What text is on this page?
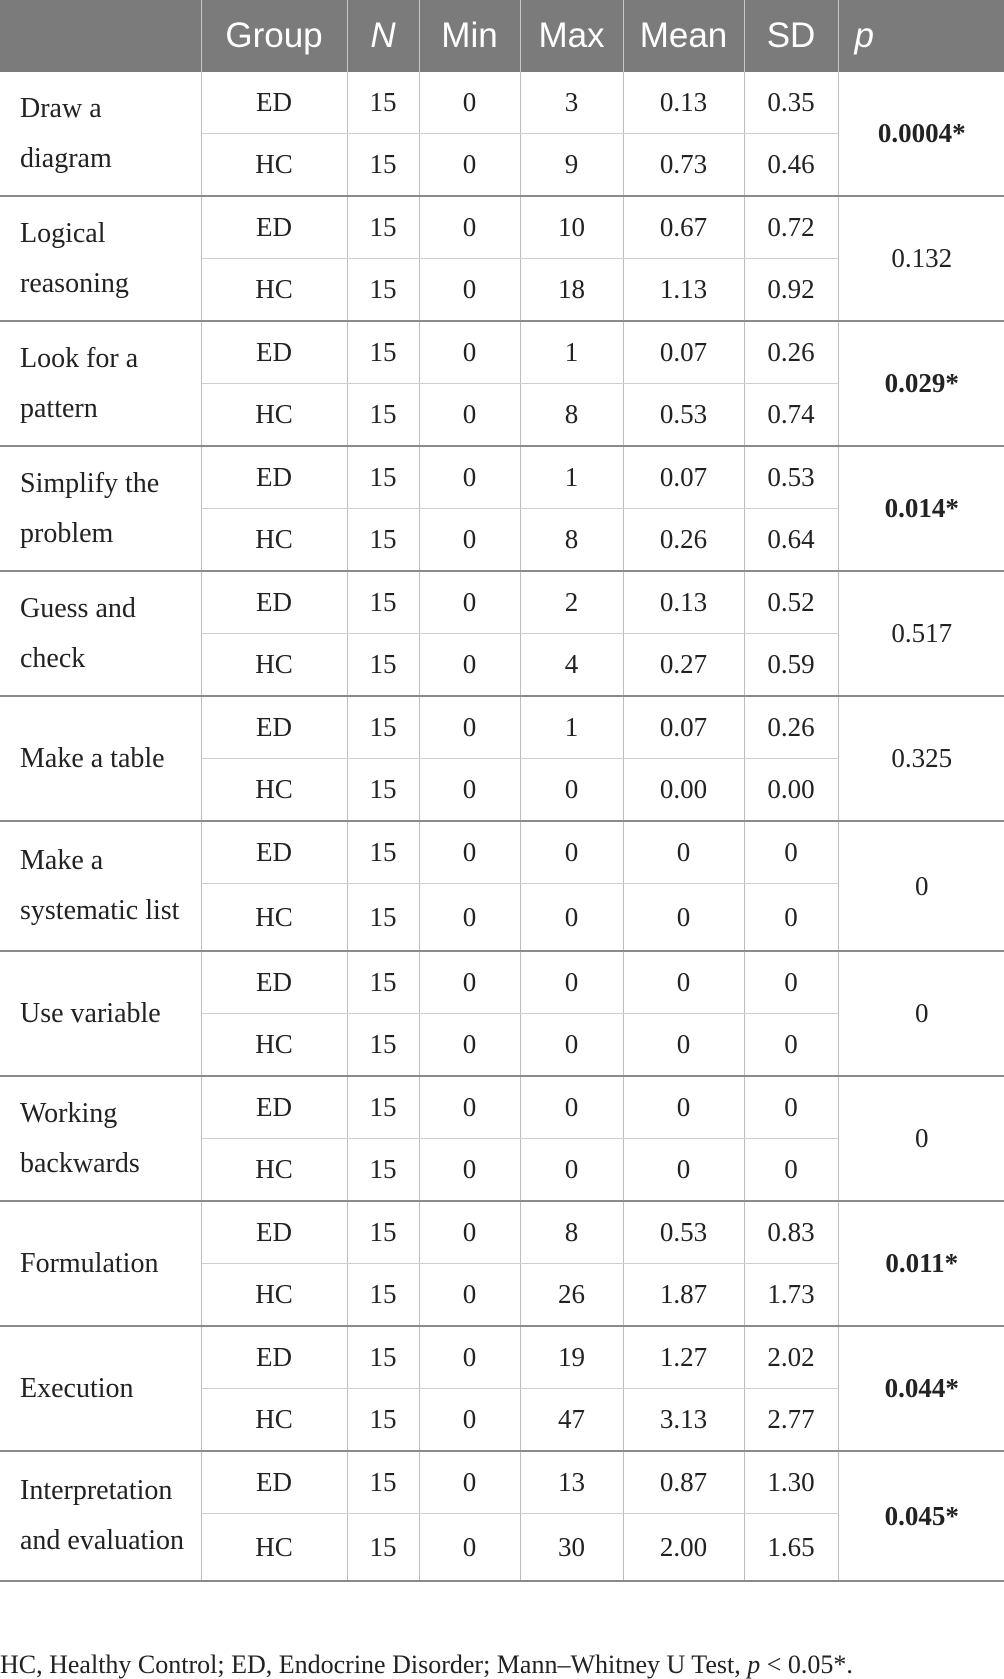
	Group	N	Min	Max	Mean	SD	p
Draw a diagram	ED	15	0	3	0.13	0.35	0.0004*
	HC	15	0	9	0.73	0.46	
Logical reasoning	ED	15	0	10	0.67	0.72	0.132
	HC	15	0	18	1.13	0.92	
Look for a pattern	ED	15	0	1	0.07	0.26	0.029*
	HC	15	0	8	0.53	0.74	
Simplify the problem	ED	15	0	1	0.07	0.53	0.014*
	HC	15	0	8	0.26	0.64	
Guess and check	ED	15	0	2	0.13	0.52	0.517
	HC	15	0	4	0.27	0.59	
Make a table	ED	15	0	1	0.07	0.26	0.325
	HC	15	0	0	0.00	0.00	
Make a systematic list	ED	15	0	0	0	0	0
	HC	15	0	0	0	0	
Use variable	ED	15	0	0	0	0	0
	HC	15	0	0	0	0	
Working backwards	ED	15	0	0	0	0	0
	HC	15	0	0	0	0	
Formulation	ED	15	0	8	0.53	0.83	0.011*
	HC	15	0	26	1.87	1.73	
Execution	ED	15	0	19	1.27	2.02	0.044*
	HC	15	0	47	3.13	2.77	
Interpretation and evaluation	ED	15	0	13	0.87	1.30	0.045*
	HC	15	0	30	2.00	1.65	

HC, Healthy Control; ED, Endocrine Disorder; Mann–Whitney U Test, p < 0.05*.
